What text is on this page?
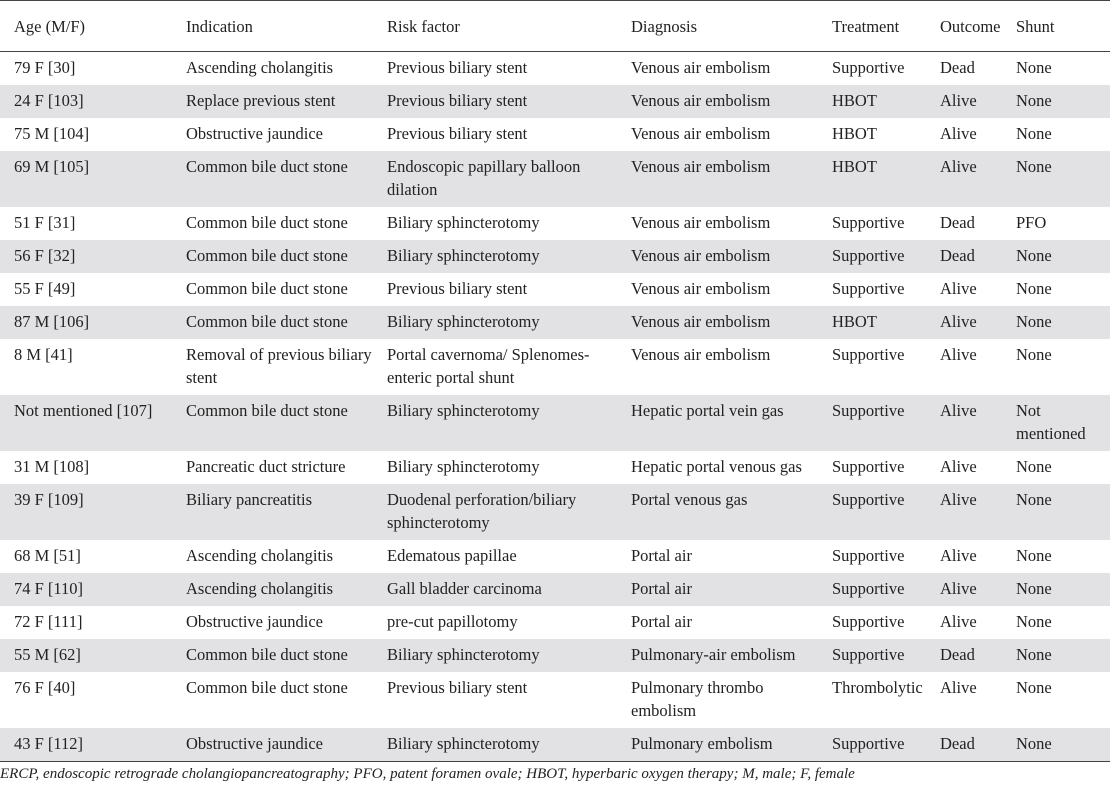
Age (M/F)	Indication	Risk factor	Diagnosis	Treatment	Outcome	Shunt
79 F [30]	Ascending cholangitis	Previous biliary stent	Venous air embolism	Supportive	Dead	None
24 F [103]	Replace previous stent	Previous biliary stent	Venous air embolism	HBOT	Alive	None
75 M [104]	Obstructive jaundice	Previous biliary stent	Venous air embolism	HBOT	Alive	None
69 M [105]	Common bile duct stone	Endoscopic papillary balloon dilation	Venous air embolism	HBOT	Alive	None
51 F [31]	Common bile duct stone	Biliary sphincterotomy	Venous air embolism	Supportive	Dead	PFO
56 F [32]	Common bile duct stone	Biliary sphincterotomy	Venous air embolism	Supportive	Dead	None
55 F [49]	Common bile duct stone	Previous biliary stent	Venous air embolism	Supportive	Alive	None
87 M [106]	Common bile duct stone	Biliary sphincterotomy	Venous air embolism	HBOT	Alive	None
8 M [41]	Removal of previous biliary stent	Portal cavernoma/ Splenomes-enteric portal shunt	Venous air embolism	Supportive	Alive	None
Not mentioned [107]	Common bile duct stone	Biliary sphincterotomy	Hepatic portal vein gas	Supportive	Alive	Not mentioned
31 M [108]	Pancreatic duct stricture	Biliary sphincterotomy	Hepatic portal venous gas	Supportive	Alive	None
39 F [109]	Biliary pancreatitis	Duodenal perforation/biliary sphincterotomy	Portal venous gas	Supportive	Alive	None
68 M [51]	Ascending cholangitis	Edematous papillae	Portal air	Supportive	Alive	None
74 F [110]	Ascending cholangitis	Gall bladder carcinoma	Portal air	Supportive	Alive	None
72 F [111]	Obstructive jaundice	pre-cut papillotomy	Portal air	Supportive	Alive	None
55 M [62]	Common bile duct stone	Biliary sphincterotomy	Pulmonary-air embolism	Supportive	Dead	None
76 F [40]	Common bile duct stone	Previous biliary stent	Pulmonary thrombo embolism	Thrombolytic	Alive	None
43 F [112]	Obstructive jaundice	Biliary sphincterotomy	Pulmonary embolism	Supportive	Dead	None

ERCP, endoscopic retrograde cholangiopancreatography; PFO, patent foramen ovale; HBOT, hyperbaric oxygen therapy; M, male; F, female
